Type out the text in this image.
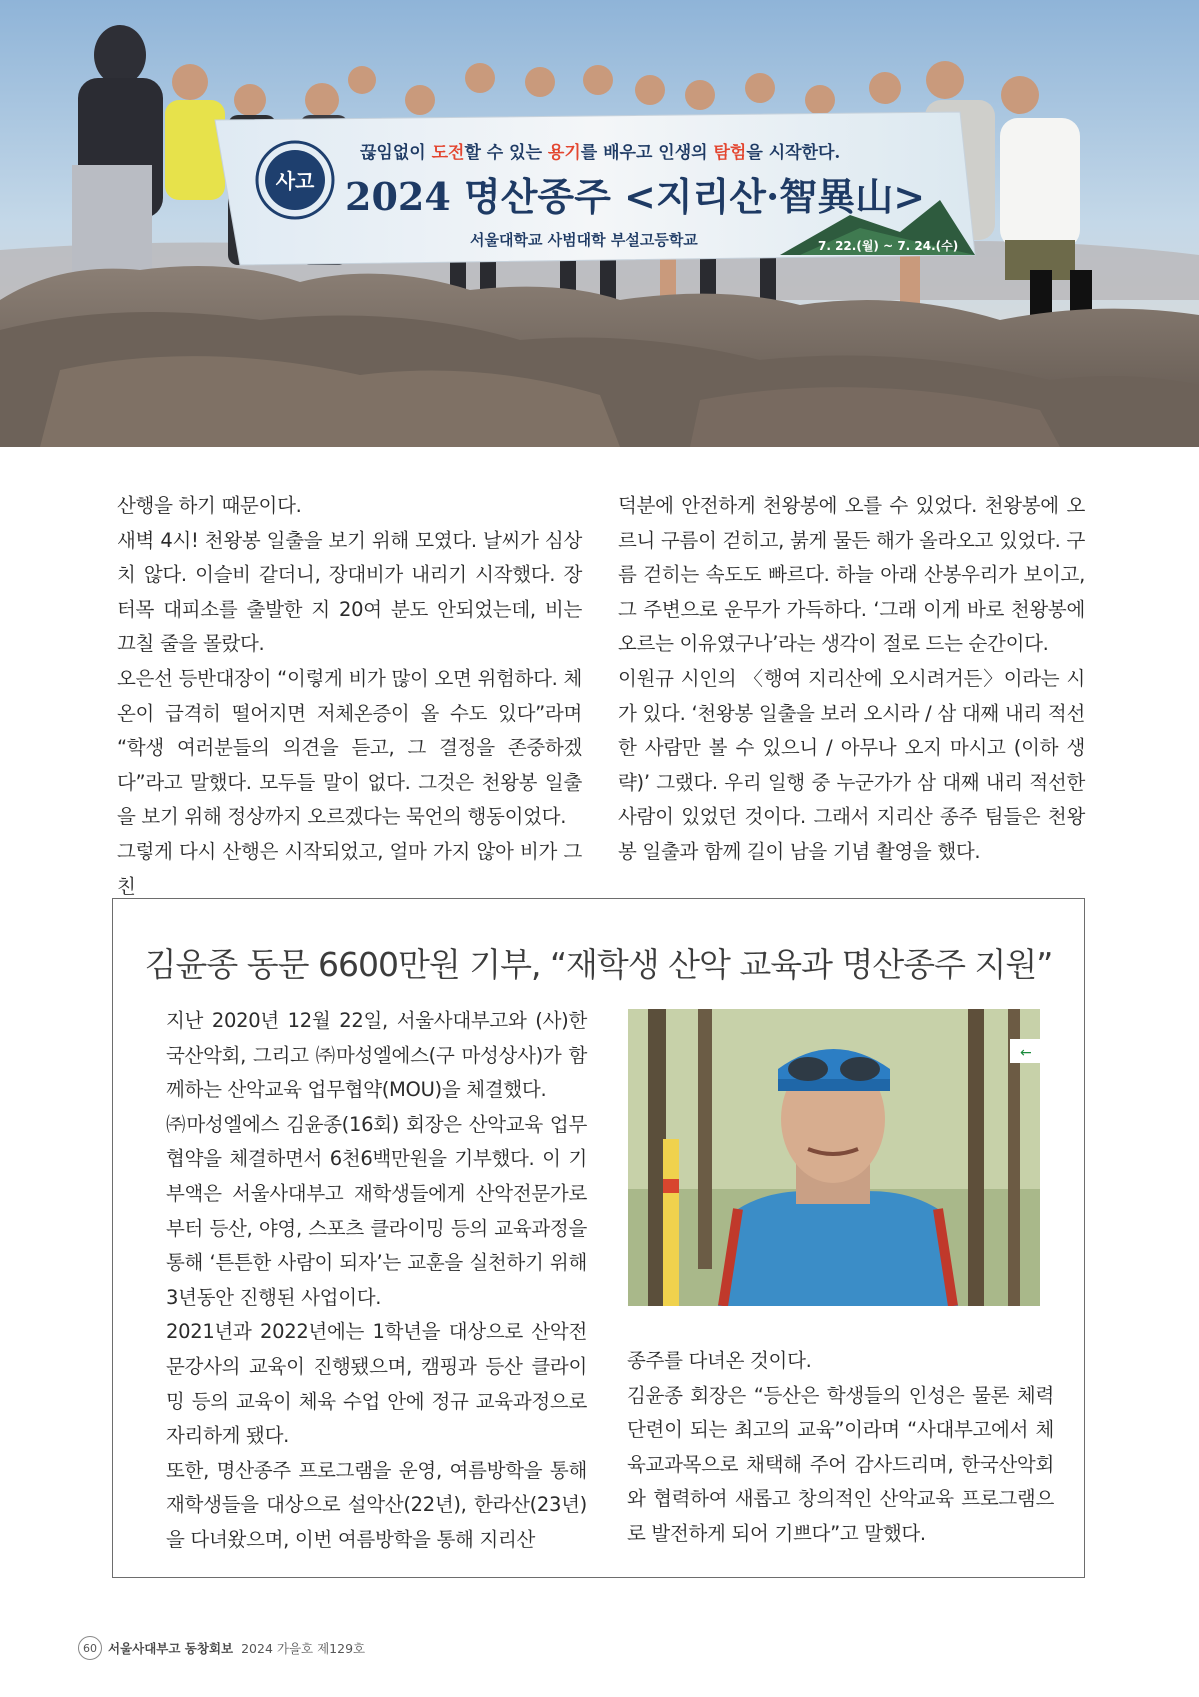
사고
끊임없이 도전할 수 있는 용기를 배우고 인생의 탐험을 시작한다.
2024 명산종주 <지리산·智異山>
서울대학교 사범대학 부설고등학교	7. 22.(월) ~ 7. 24.(수)

산행을 하기 때문이다.

새벽 4시! 천왕봉 일출을 보기 위해 모였다. 날씨가 심상치 않다. 이슬비 같더니, 장대비가 내리기 시작했다. 장터목 대피소를 출발한 지 20여 분도 안되었는데, 비는 끄칠 줄을 몰랐다.

오은선 등반대장이 “이렇게 비가 많이 오면 위험하다. 체온이 급격히 떨어지면 저체온증이 올 수도 있다”라며 “학생 여러분들의 의견을 듣고, 그 결정을 존중하겠다”라고 말했다. 모두들 말이 없다. 그것은 천왕봉 일출을 보기 위해 정상까지 오르겠다는 묵언의 행동이었다.

그렇게 다시 산행은 시작되었고, 얼마 가지 않아 비가 그친

덕분에 안전하게 천왕봉에 오를 수 있었다. 천왕봉에 오르니 구름이 걷히고, 붉게 물든 해가 올라오고 있었다. 구름 걷히는 속도도 빠르다. 하늘 아래 산봉우리가 보이고, 그 주변으로 운무가 가득하다. ‘그래 이게 바로 천왕봉에 오르는 이유였구나’라는 생각이 절로 드는 순간이다.

이원규 시인의 〈행여 지리산에 오시려거든〉이라는 시가 있다. ‘천왕봉 일출을 보러 오시라 / 삼 대째 내리 적선한 사람만 볼 수 있으니 / 아무나 오지 마시고 (이하 생략)’ 그랬다. 우리 일행 중 누군가가 삼 대째 내리 적선한 사람이 있었던 것이다. 그래서 지리산 종주 팀들은 천왕봉 일출과 함께 길이 남을 기념 촬영을 했다.

김윤종 동문 6600만원 기부, “재학생 산악 교육과 명산종주 지원”

지난 2020년 12월 22일, 서울사대부고와 (사)한국산악회, 그리고 ㈜마성엘에스(구 마성상사)가 함께하는 산악교육 업무협약(MOU)을 체결했다.

㈜마성엘에스 김윤종(16회) 회장은 산악교육 업무협약을 체결하면서 6천6백만원을 기부했다. 이 기부액은 서울사대부고 재학생들에게 산악전문가로부터 등산, 야영, 스포츠 클라이밍 등의 교육과정을 통해 ‘튼튼한 사람이 되자’는 교훈을 실천하기 위해 3년동안 진행된 사업이다.

2021년과 2022년에는 1학년을 대상으로 산악전문강사의 교육이 진행됐으며, 캠핑과 등산 클라이밍 등의 교육이 체육 수업 안에 정규 교육과정으로 자리하게 됐다.

또한, 명산종주 프로그램을 운영, 여름방학을 통해 재학생들을 대상으로 설악산(22년), 한라산(23년)을 다녀왔으며, 이번 여름방학을 통해 지리산

←

종주를 다녀온 것이다.

김윤종 회장은 “등산은 학생들의 인성은 물론 체력단련이 되는 최고의 교육”이라며 “사대부고에서 체육교과목으로 채택해 주어 감사드리며, 한국산악회와 협력하여 새롭고 창의적인 산악교육 프로그램으로 발전하게 되어 기쁘다”고 말했다.

60 서울사대부고 동창회보 2024 가을호 제129호
